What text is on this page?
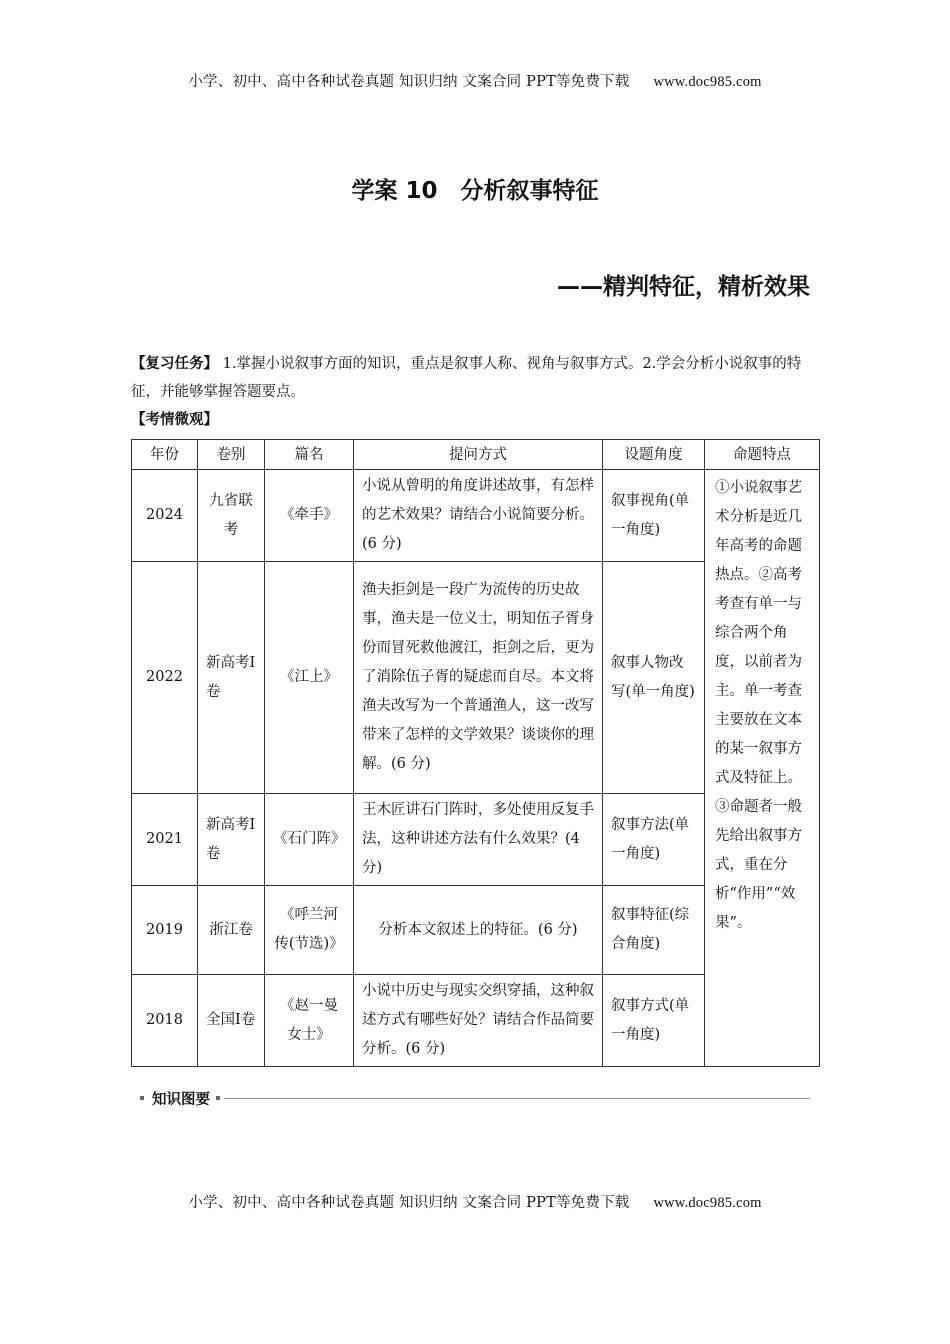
小学、初中、高中各种试卷真题 知识归纳 文案合同 PPT等免费下载 www.doc985.com
学案 10　分析叙事特征
——精判特征，精析效果
【复习任务】 1.掌握小说叙事方面的知识，重点是叙事人称、视角与叙事方式。2.学会分析小说叙事的特征，并能够掌握答题要点。
【考情微观】
年份	卷别	篇名	提问方式	设题角度	命题特点
2024	九省联考	《牵手》	小说从曾明的角度讲述故事，有怎样的艺术效果？请结合小说简要分析。(6 分)	叙事视角(单一角度)	①小说叙事艺术分析是近几年高考的命题热点。②高考考查有单一与综合两个角度，以前者为主。单一考查主要放在文本的某一叙事方式及特征上。③命题者一般先给出叙事方式，重在分析“作用”“效果”。
2022	新高考Ⅰ卷	《江上》	渔夫拒剑是一段广为流传的历史故事，渔夫是一位义士，明知伍子胥身份而冒死救他渡江，拒剑之后，更为了消除伍子胥的疑虑而自尽。本文将渔夫改写为一个普通渔人，这一改写带来了怎样的文学效果？谈谈你的理解。(6 分)	叙事人物改写(单一角度)	
2021	新高考Ⅰ卷	《石门阵》	王木匠讲石门阵时，多处使用反复手法，这种讲述方法有什么效果？(4 分)	叙事方法(单一角度)	
2019	浙江卷	《呼兰河传(节选)》	分析本文叙述上的特征。(6 分)	叙事特征(综合角度)	
2018	全国Ⅰ卷	《赵一曼女士》	小说中历史与现实交织穿插，这种叙述方式有哪些好处？请结合作品简要分析。(6 分)	叙事方式(单一角度)	
知识图要
小学、初中、高中各种试卷真题 知识归纳 文案合同 PPT等免费下载 www.doc985.com
